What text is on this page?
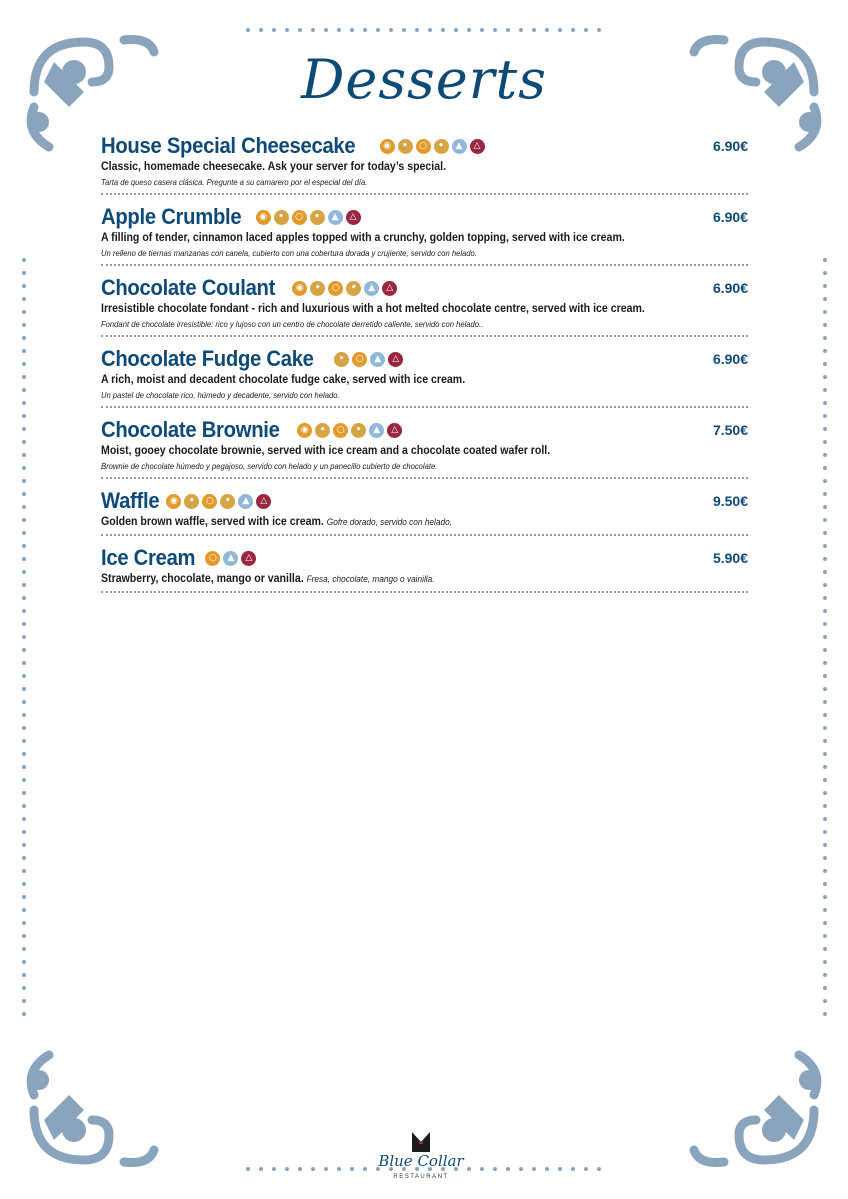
Desserts
House Special Cheesecake	◉	•	○	•	▲	△	6.90€
Classic, homemade cheesecake. Ask your server for today’s special.
Tarta de queso casera clásica. Pregunte a su camarero por el especial del día.
Apple Crumble	◉	•	○	•	▲	△	6.90€
A filling of tender, cinnamon laced apples topped with a crunchy, golden topping, served with ice cream.
Un relleno de tiernas manzanas con canela, cubierto con una cobertura dorada y crujiente, servido con helado.
Chocolate Coulant	◉	•	○	•	▲	△	6.90€
Irresistible chocolate fondant - rich and luxurious with a hot melted chocolate centre, served with ice cream.
Fondant de chocolate irresistible: rico y lujoso con un centro de chocolate derretido caliente, servido con helado..
Chocolate Fudge Cake	•	○	▲	△	6.90€
A rich, moist and decadent chocolate fudge cake, served with ice cream.
Un pastel de chocolate rico, húmedo y decadente, servido con helado.
Chocolate Brownie	◉	•	○	•	▲	△	7.50€
Moist, gooey chocolate brownie, served with ice cream and a chocolate coated wafer roll.
Brownie de chocolate húmedo y pegajoso, servido con helado y un panecillo cubierto de chocolate.
Waffle	◉	•	○	•	▲	△	9.50€
Golden brown waffle, served with ice cream. Gofre dorado, servido con helado.
Ice Cream	○	▲	△	5.90€
Strawberry, chocolate, mango or vanilla. Fresa, chocolate, mango o vainilla.
Blue Collar
RESTAURANT
